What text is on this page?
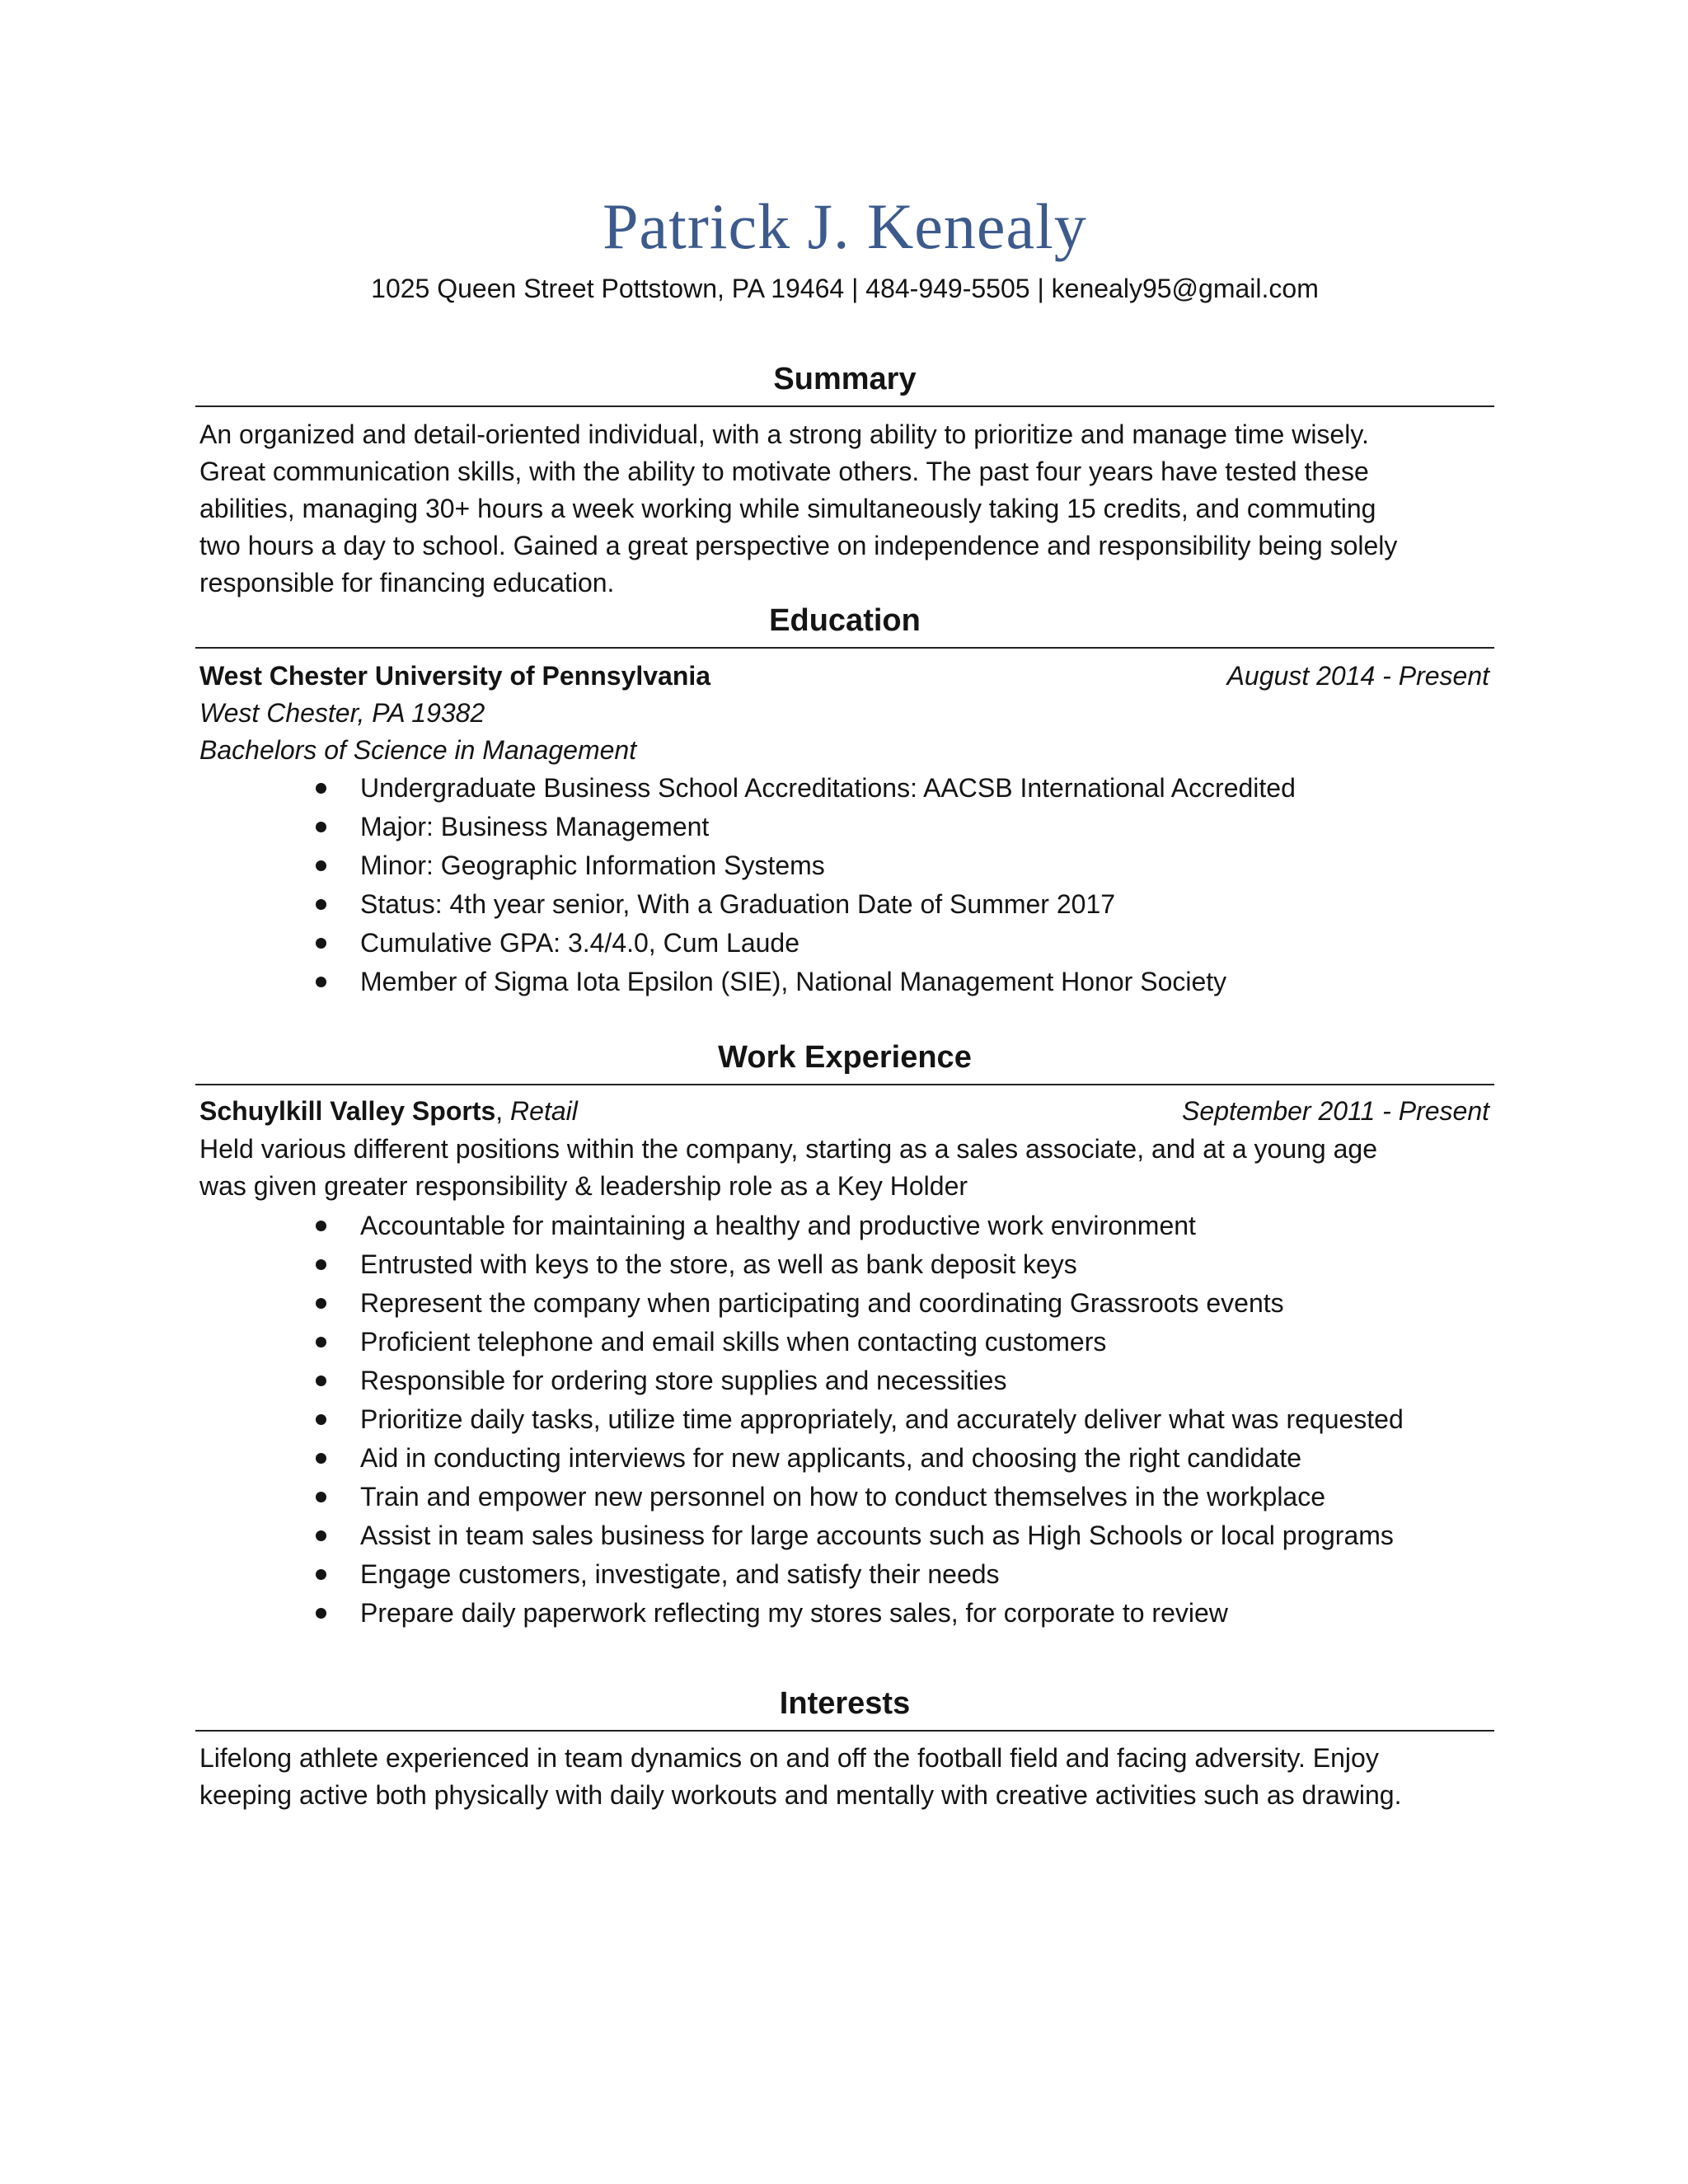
Patrick J. Kenealy
1025 Queen Street Pottstown, PA 19464 | 484-949-5505 | kenealy95@gmail.com
Summary
An organized and detail-oriented individual, with a strong ability to prioritize and manage time wisely.
Great communication skills, with the ability to motivate others. The past four years have tested these
abilities, managing 30+ hours a week working while simultaneously taking 15 credits, and commuting
two hours a day to school. Gained a great perspective on independence and responsibility being solely
responsible for financing education.
Education
West Chester University of Pennsylvania	August 2014 - Present
West Chester, PA 19382
Bachelors of Science in Management
Undergraduate Business School Accreditations: AACSB International Accredited
Major: Business Management
Minor: Geographic Information Systems
Status: 4th year senior, With a Graduation Date of Summer 2017
Cumulative GPA: 3.4/4.0, Cum Laude
Member of Sigma Iota Epsilon (SIE), National Management Honor Society
Work Experience
Schuylkill Valley Sports, Retail	September 2011 - Present
Held various different positions within the company, starting as a sales associate, and at a young age
was given greater responsibility & leadership role as a Key Holder
Accountable for maintaining a healthy and productive work environment
Entrusted with keys to the store, as well as bank deposit keys
Represent the company when participating and coordinating Grassroots events
Proficient telephone and email skills when contacting customers
Responsible for ordering store supplies and necessities
Prioritize daily tasks, utilize time appropriately, and accurately deliver what was requested
Aid in conducting interviews for new applicants, and choosing the right candidate
Train and empower new personnel on how to conduct themselves in the workplace
Assist in team sales business for large accounts such as High Schools or local programs
Engage customers, investigate, and satisfy their needs
Prepare daily paperwork reflecting my stores sales, for corporate to review
Interests
Lifelong athlete experienced in team dynamics on and off the football field and facing adversity. Enjoy
keeping active both physically with daily workouts and mentally with creative activities such as drawing.
